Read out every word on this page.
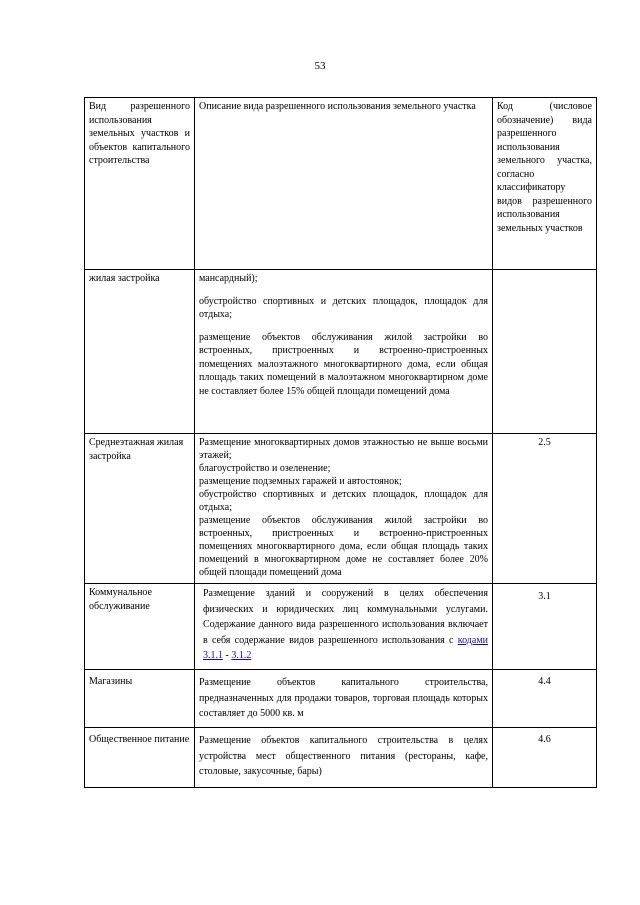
53
Вид разрешенного использования земельных участков и объектов капитального строительства	Описание вида разрешенного использования земельного участка	Код (числовое обозначение) вида разрешенного использования земельного участка, согласно классификатору видов разрешенного использования земельных участков
жилая застройка	мансардный);

обустройство спортивных и детских площадок, площадок для отдыха;

размещение объектов обслуживания жилой застройки во встроенных, пристроенных и встроенно-пристроенных помещениях малоэтажного многоквартирного дома, если общая площадь таких помещений в малоэтажном многоквартирном доме не составляет более 15% общей площади помещений дома	

Среднеэтажная жилая застройка	Размещение многоквартирных домов этажностью не выше восьми этажей;

благоустройство и озеленение;

размещение подземных гаражей и автостоянок;

обустройство спортивных и детских площадок, площадок для отдыха;

размещение объектов обслуживания жилой застройки во встроенных, пристроенных и встроенно-пристроенных помещениях многоквартирного дома, если общая площадь таких помещений в многоквартирном доме не составляет более 20% общей площади помещений дома	2.5
Коммунальное обслуживание	Размещение зданий и сооружений в целях обеспечения физических и юридических лиц коммунальными услугами. Содержание данного вида разрешенного использования включает в себя содержание видов разрешенного использования с кодами 3.1.1 - 3.1.2	3.1
Магазины	Размещение объектов капитального строительства, предназначенных для продажи товаров, торговая площадь которых составляет до 5000 кв. м	4.4
Общественное питание	Размещение объектов капитального строительства в целях устройства мест общественного питания (рестораны, кафе, столовые, закусочные, бары)	4.6
